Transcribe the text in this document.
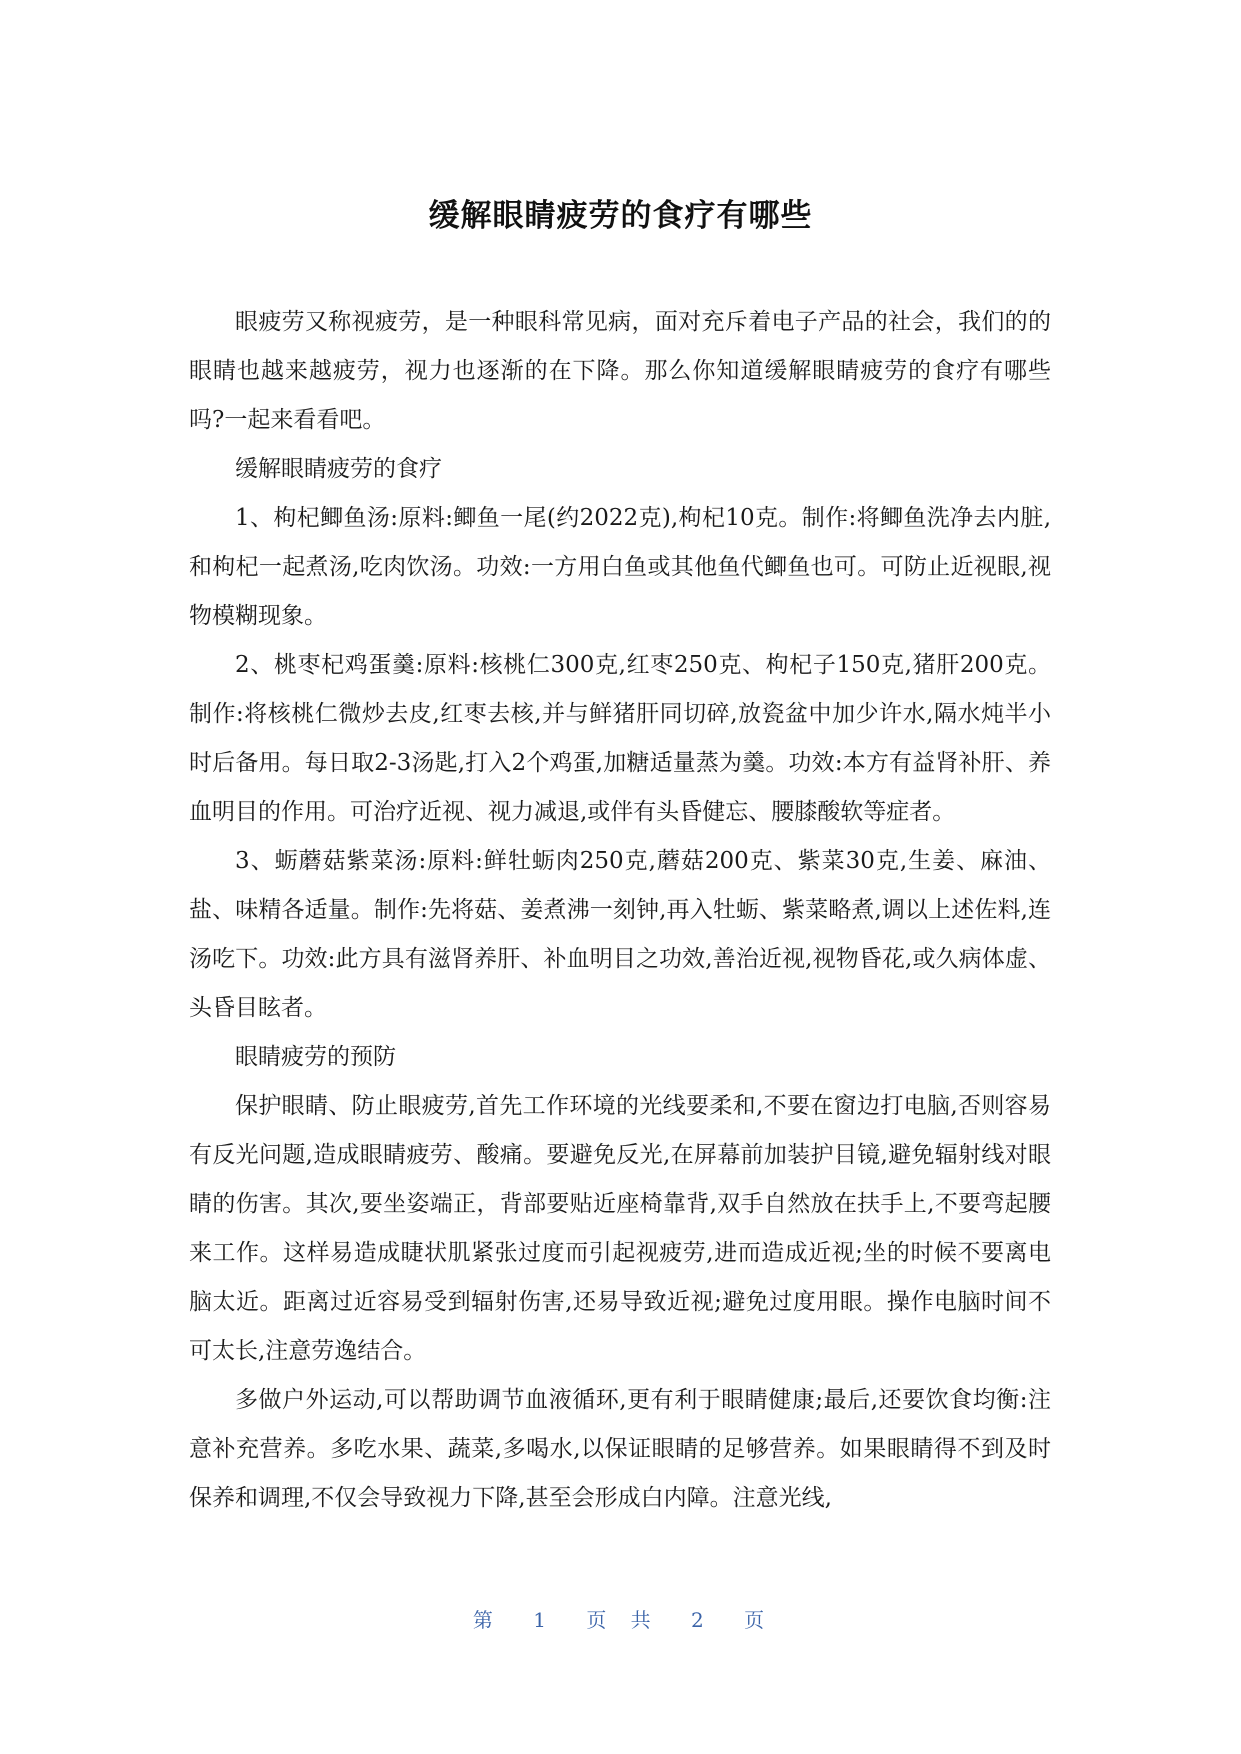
缓解眼睛疲劳的食疗有哪些

眼疲劳又称视疲劳，是一种眼科常见病，面对充斥着电子产品的社会，我们的的眼睛也越来越疲劳，视力也逐渐的在下降。那么你知道缓解眼睛疲劳的食疗有哪些吗?一起来看看吧。

缓解眼睛疲劳的食疗

1、枸杞鲫鱼汤:原料:鲫鱼一尾(约2022克),枸杞10克。制作:将鲫鱼洗净去内脏,和枸杞一起煮汤,吃肉饮汤。功效:一方用白鱼或其他鱼代鲫鱼也可。可防止近视眼,视物模糊现象。

2、桃枣杞鸡蛋羹:原料:核桃仁300克,红枣250克、枸杞子150克,猪肝200克。制作:将核桃仁微炒去皮,红枣去核,并与鲜猪肝同切碎,放瓷盆中加少许水,隔水炖半小时后备用。每日取2-3汤匙,打入2个鸡蛋,加糖适量蒸为羹。功效:本方有益肾补肝、养血明目的作用。可治疗近视、视力减退,或伴有头昏健忘、腰膝酸软等症者。

3、蛎蘑菇紫菜汤:原料:鲜牡蛎肉250克,蘑菇200克、紫菜30克,生姜、麻油、盐、味精各适量。制作:先将菇、姜煮沸一刻钟,再入牡蛎、紫菜略煮,调以上述佐料,连汤吃下。功效:此方具有滋肾养肝、补血明目之功效,善治近视,视物昏花,或久病体虚、头昏目眩者。

眼睛疲劳的预防

保护眼睛、防止眼疲劳,首先工作环境的光线要柔和,不要在窗边打电脑,否则容易有反光问题,造成眼睛疲劳、酸痛。要避免反光,在屏幕前加装护目镜,避免辐射线对眼睛的伤害。其次,要坐姿端正，背部要贴近座椅靠背,双手自然放在扶手上,不要弯起腰来工作。这样易造成睫状肌紧张过度而引起视疲劳,进而造成近视;坐的时候不要离电脑太近。距离过近容易受到辐射伤害,还易导致近视;避免过度用眼。操作电脑时间不可太长,注意劳逸结合。

多做户外运动,可以帮助调节血液循环,更有利于眼睛健康;最后,还要饮食均衡:注意补充营养。多吃水果、蔬菜,多喝水,以保证眼睛的足够营养。如果眼睛得不到及时保养和调理,不仅会导致视力下降,甚至会形成白内障。注意光线,

第 1 页 共 2 页
